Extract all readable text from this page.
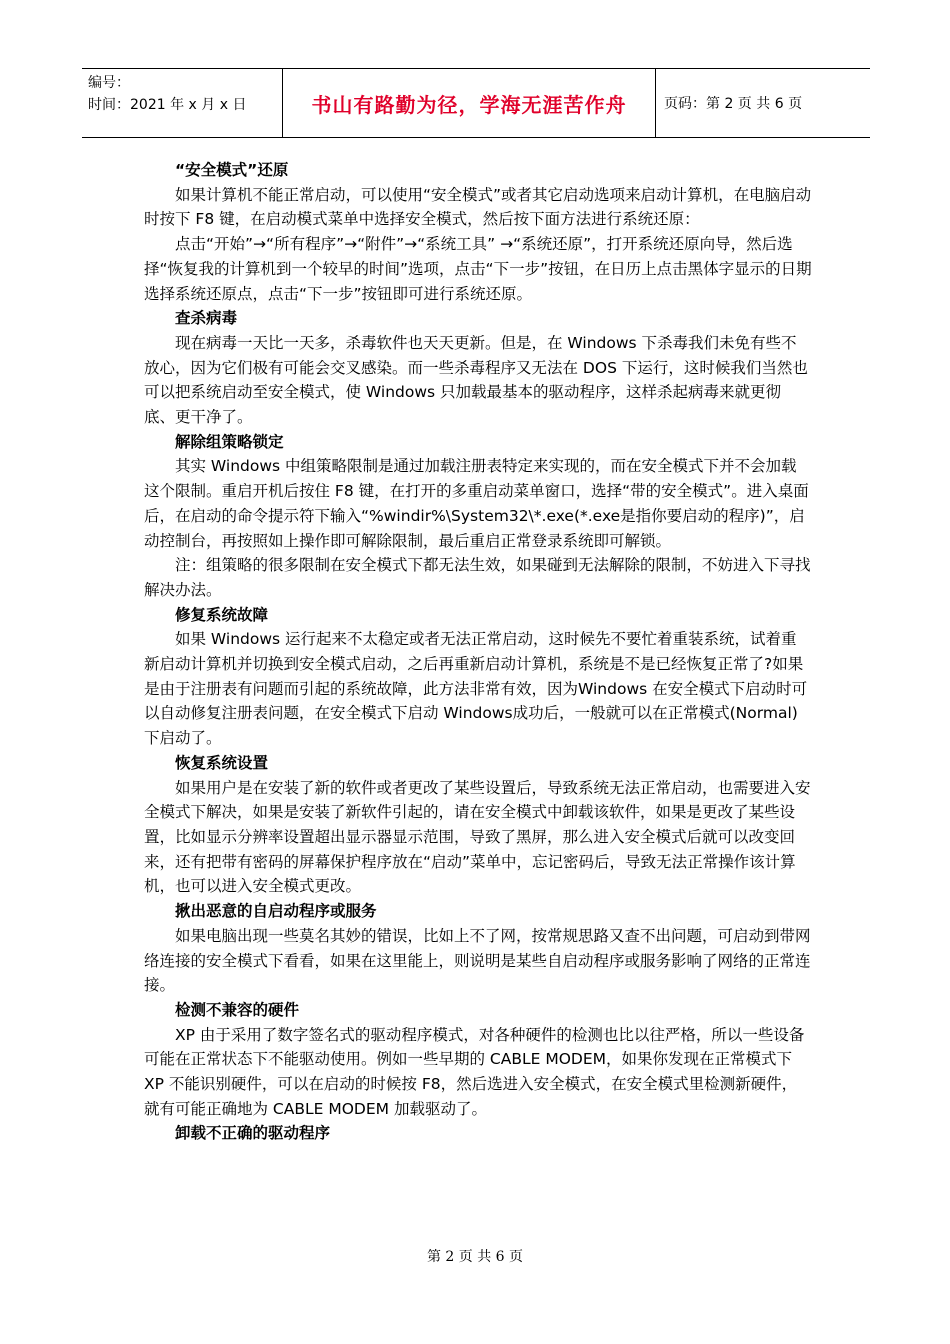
编号：
时间：2021 年 x 月 x 日	书山有路勤为径，学海无涯苦作舟	页码：第 2 页 共 6 页
“安全模式”还原

如果计算机不能正常启动，可以使用“安全模式”或者其它启动选项来启动计算机，在电脑启动时按下 F8 键，在启动模式菜单中选择安全模式，然后按下面方法进行系统还原：

点击“开始”→“所有程序”→“附件”→“系统工具” →“系统还原”，打开系统还原向导，然后选择“恢复我的计算机到一个较早的时间”选项，点击“下一步”按钮，在日历上点击黑体字显示的日期选择系统还原点，点击“下一步”按钮即可进行系统还原。

查杀病毒

现在病毒一天比一天多，杀毒软件也天天更新。但是，在 Windows 下杀毒我们未免有些不放心，因为它们极有可能会交叉感染。而一些杀毒程序又无法在 DOS 下运行，这时候我们当然也可以把系统启动至安全模式，使 Windows 只加载最基本的驱动程序，这样杀起病毒来就更彻底、更干净了。

解除组策略锁定

其实 Windows 中组策略限制是通过加载注册表特定来实现的，而在安全模式下并不会加载这个限制。重启开机后按住 F8 键，在打开的多重启动菜单窗口，选择“带的安全模式”。进入桌面后，在启动的命令提示符下输入“%windir%\System32\*.exe(*.exe是指你要启动的程序)”，启动控制台，再按照如上操作即可解除限制，最后重启正常登录系统即可解锁。

注：组策略的很多限制在安全模式下都无法生效，如果碰到无法解除的限制，不妨进入下寻找解决办法。

修复系统故障

如果 Windows 运行起来不太稳定或者无法正常启动，这时候先不要忙着重装系统，试着重新启动计算机并切换到安全模式启动，之后再重新启动计算机，系统是不是已经恢复正常了?如果是由于注册表有问题而引起的系统故障，此方法非常有效，因为Windows 在安全模式下启动时可以自动修复注册表问题，在安全模式下启动 Windows成功后，一般就可以在正常模式(Normal)下启动了。

恢复系统设置

如果用户是在安装了新的软件或者更改了某些设置后，导致系统无法正常启动，也需要进入安全模式下解决，如果是安装了新软件引起的，请在安全模式中卸载该软件，如果是更改了某些设置，比如显示分辨率设置超出显示器显示范围，导致了黑屏，那么进入安全模式后就可以改变回来，还有把带有密码的屏幕保护程序放在“启动”菜单中，忘记密码后，导致无法正常操作该计算机，也可以进入安全模式更改。

揪出恶意的自启动程序或服务

如果电脑出现一些莫名其妙的错误，比如上不了网，按常规思路又查不出问题，可启动到带网络连接的安全模式下看看，如果在这里能上，则说明是某些自启动程序或服务影响了网络的正常连接。

检测不兼容的硬件

XP 由于采用了数字签名式的驱动程序模式，对各种硬件的检测也比以往严格，所以一些设备可能在正常状态下不能驱动使用。例如一些早期的 CABLE MODEM，如果你发现在正常模式下 XP 不能识别硬件，可以在启动的时候按 F8，然后选进入安全模式，在安全模式里检测新硬件，就有可能正确地为 CABLE MODEM 加载驱动了。

卸载不正确的驱动程序
第 2 页 共 6 页
